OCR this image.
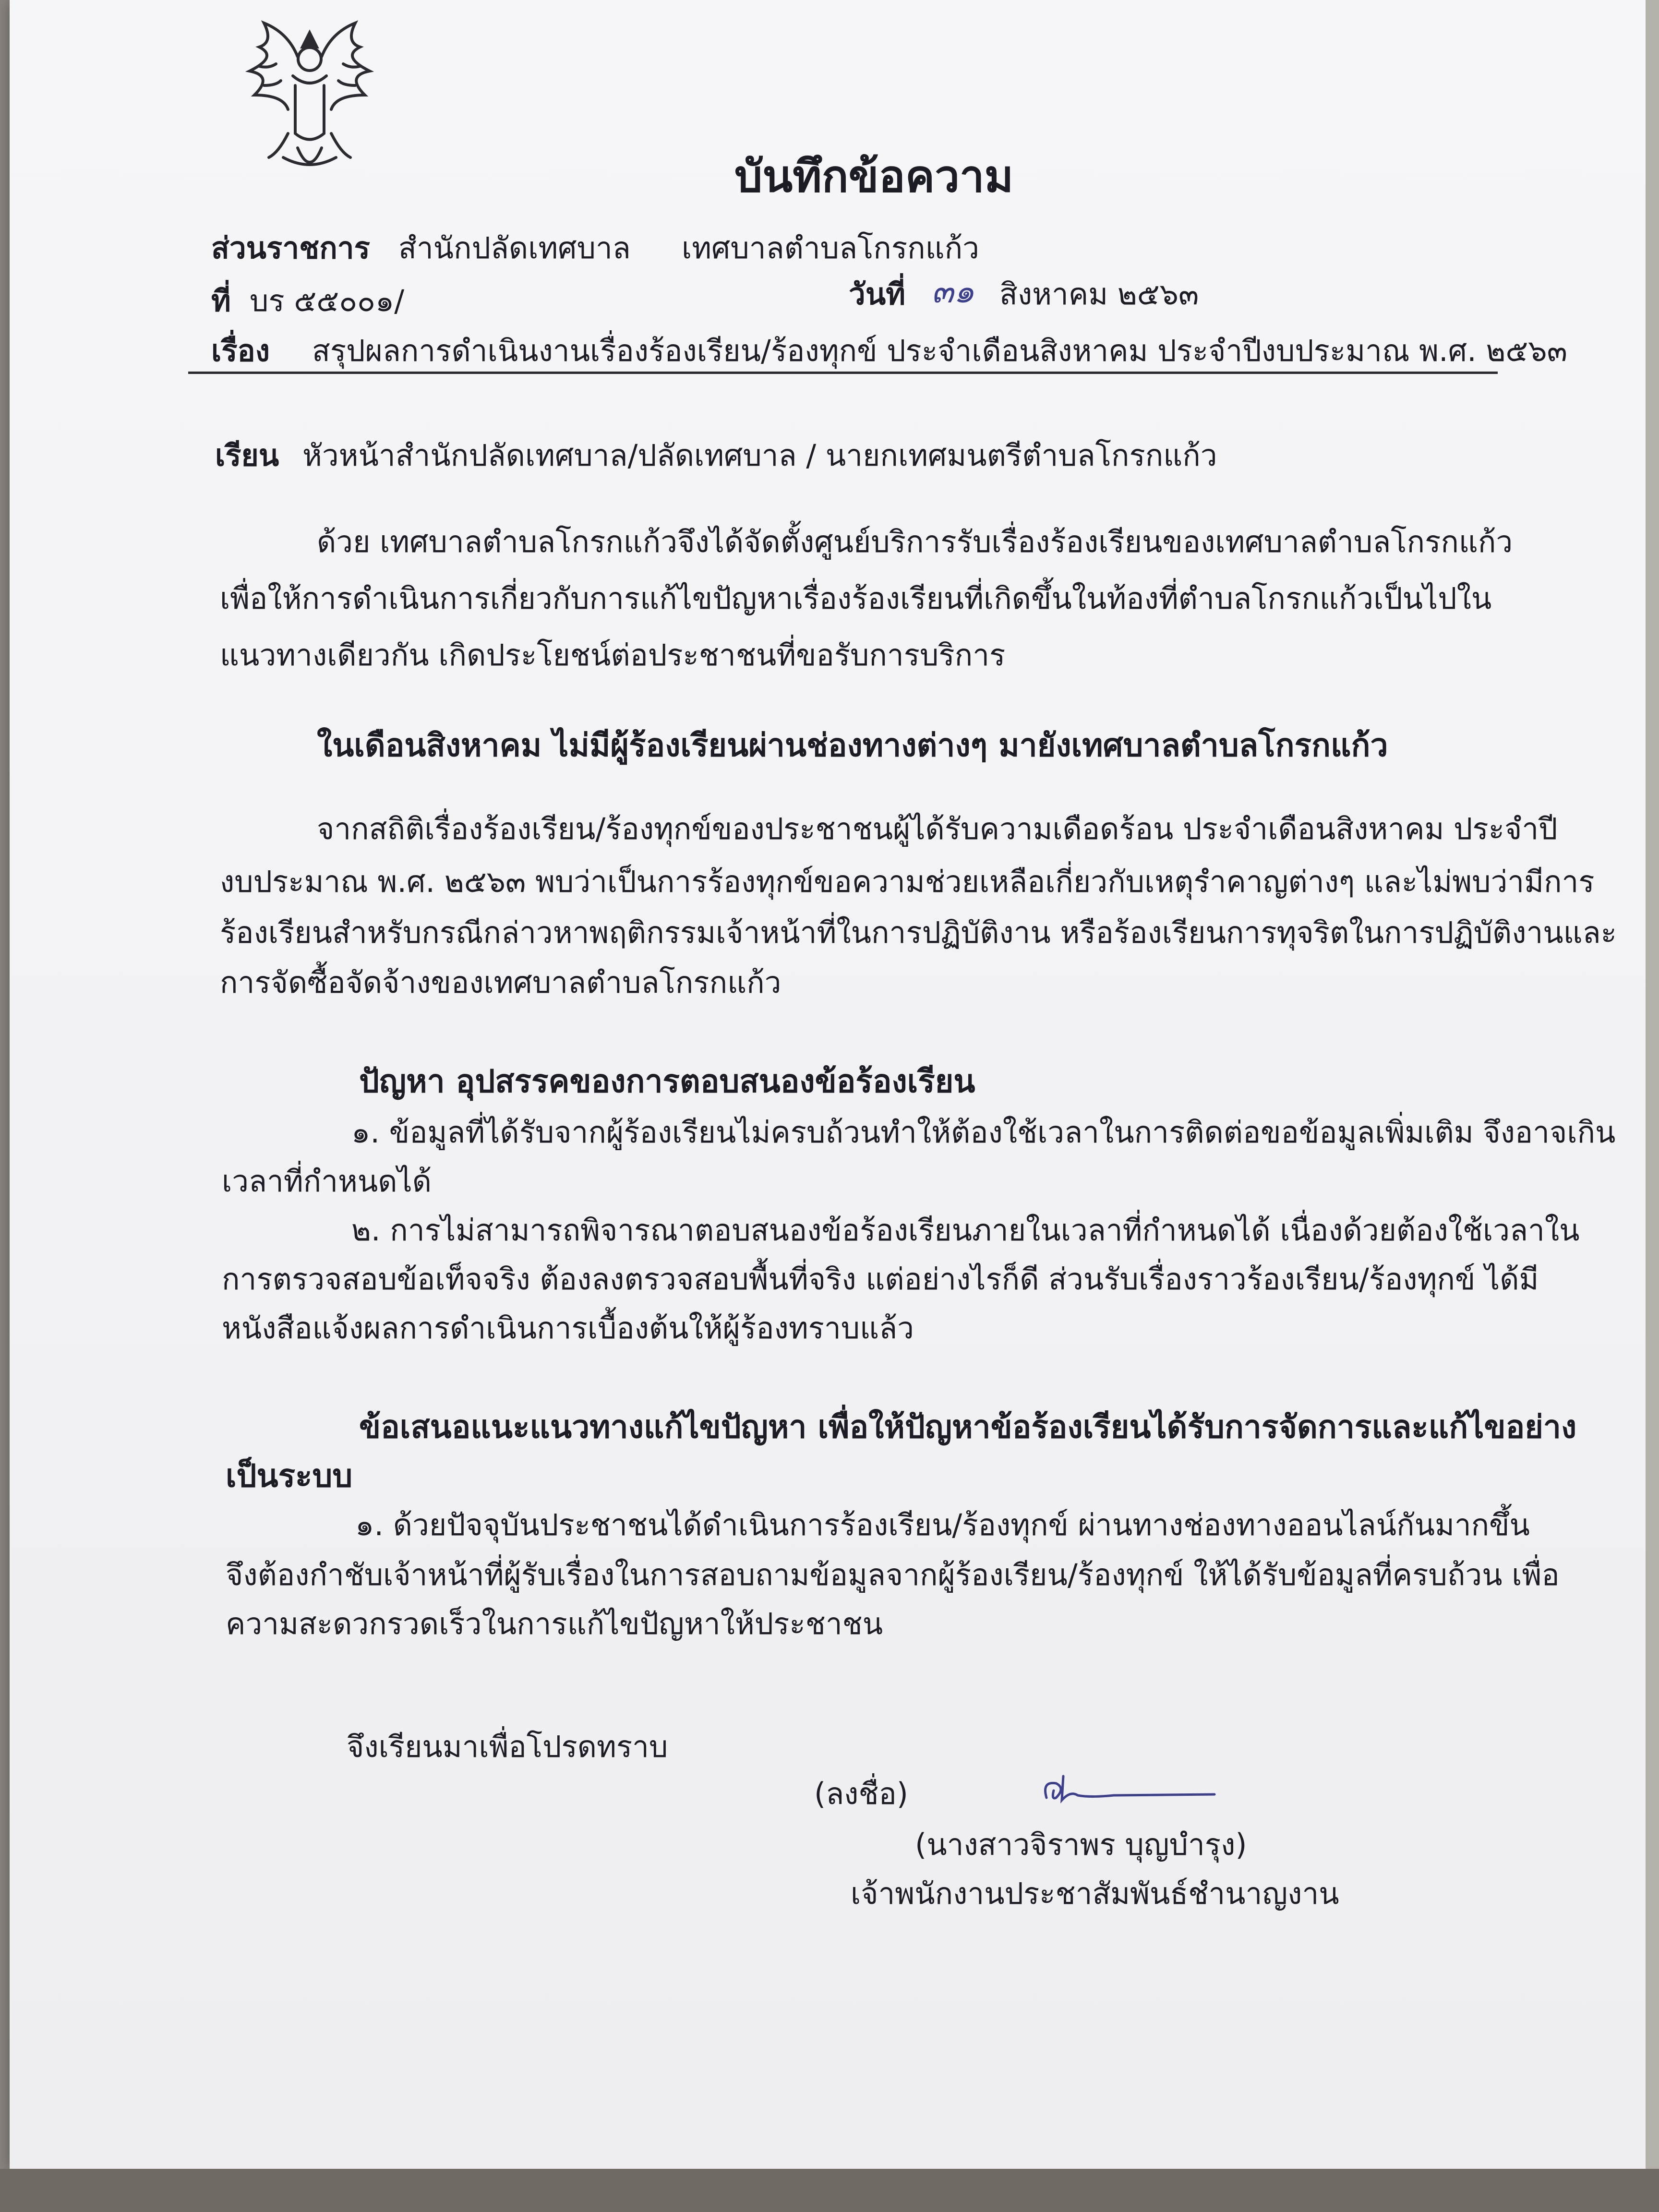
บันทึกข้อความ
ส่วนราชการ สำนักปลัดเทศบาล เทศบาลตำบลโกรกแก้ว
ที่ บร ๕๕๐๐๑/	วันที่ ๓๑ สิงหาคม ๒๕๖๓
เรื่อง สรุปผลการดำเนินงานเรื่องร้องเรียน/ร้องทุกข์ ประจำเดือนสิงหาคม ประจำปีงบประมาณ พ.ศ. ๒๕๖๓
เรียน หัวหน้าสำนักปลัดเทศบาล/ปลัดเทศบาล / นายกเทศมนตรีตำบลโกรกแก้ว
ด้วย เทศบาลตำบลโกรกแก้วจึงได้จัดตั้งศูนย์บริการรับเรื่องร้องเรียนของเทศบาลตำบลโกรกแก้ว
เพื่อให้การดำเนินการเกี่ยวกับการแก้ไขปัญหาเรื่องร้องเรียนที่เกิดขึ้นในท้องที่ตำบลโกรกแก้วเป็นไปใน
แนวทางเดียวกัน เกิดประโยชน์ต่อประชาชนที่ขอรับการบริการ
ในเดือนสิงหาคม ไม่มีผู้ร้องเรียนผ่านช่องทางต่างๆ มายังเทศบาลตำบลโกรกแก้ว
จากสถิติเรื่องร้องเรียน/ร้องทุกข์ของประชาชนผู้ได้รับความเดือดร้อน ประจำเดือนสิงหาคม ประจำปี
งบประมาณ พ.ศ. ๒๕๖๓ พบว่าเป็นการร้องทุกข์ขอความช่วยเหลือเกี่ยวกับเหตุรำคาญต่างๆ และไม่พบว่ามีการ
ร้องเรียนสำหรับกรณีกล่าวหาพฤติกรรมเจ้าหน้าที่ในการปฏิบัติงาน หรือร้องเรียนการทุจริตในการปฏิบัติงานและ
การจัดซื้อจัดจ้างของเทศบาลตำบลโกรกแก้ว
ปัญหา อุปสรรคของการตอบสนองข้อร้องเรียน
๑. ข้อมูลที่ได้รับจากผู้ร้องเรียนไม่ครบถ้วนทำให้ต้องใช้เวลาในการติดต่อขอข้อมูลเพิ่มเติม จึงอาจเกิน
เวลาที่กำหนดได้
๒. การไม่สามารถพิจารณาตอบสนองข้อร้องเรียนภายในเวลาที่กำหนดได้ เนื่องด้วยต้องใช้เวลาใน
การตรวจสอบข้อเท็จจริง ต้องลงตรวจสอบพื้นที่จริง แต่อย่างไรก็ดี ส่วนรับเรื่องราวร้องเรียน/ร้องทุกข์ ได้มี
หนังสือแจ้งผลการดำเนินการเบื้องต้นให้ผู้ร้องทราบแล้ว
ข้อเสนอแนะแนวทางแก้ไขปัญหา เพื่อให้ปัญหาข้อร้องเรียนได้รับการจัดการและแก้ไขอย่าง
เป็นระบบ
๑. ด้วยปัจจุบันประชาชนได้ดำเนินการร้องเรียน/ร้องทุกข์ ผ่านทางช่องทางออนไลน์กันมากขึ้น
จึงต้องกำชับเจ้าหน้าที่ผู้รับเรื่องในการสอบถามข้อมูลจากผู้ร้องเรียน/ร้องทุกข์ ให้ได้รับข้อมูลที่ครบถ้วน เพื่อ
ความสะดวกรวดเร็วในการแก้ไขปัญหาให้ประชาชน
จึงเรียนมาเพื่อโปรดทราบ
(ลงชื่อ)
(นางสาวจิราพร บุญบำรุง)
เจ้าพนักงานประชาสัมพันธ์ชำนาญงาน
